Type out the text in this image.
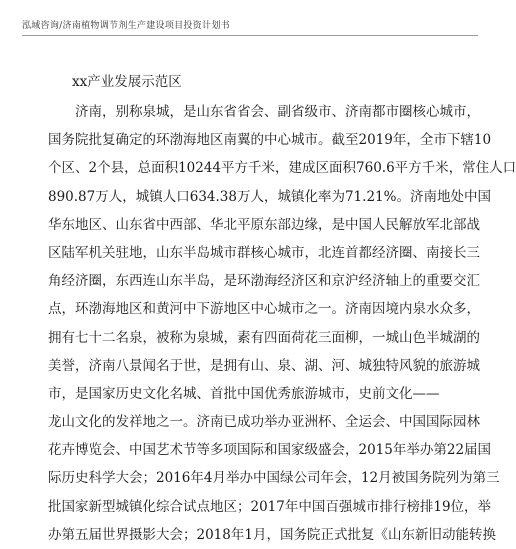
泓域咨询/济南植物调节剂生产建设项目投资计划书
xx产业发展示范区
　　济南，别称泉城，是山东省省会、副省级市、济南都市圈核心城市，
国务院批复确定的环渤海地区南翼的中心城市。截至2019年，全市下辖10
个区、2个县，总面积10244平方千米，建成区面积760.6平方千米，常住人口
890.87万人，城镇人口634.38万人，城镇化率为71.21%。济南地处中国
华东地区、山东省中西部、华北平原东部边缘，是中国人民解放军北部战
区陆军机关驻地，山东半岛城市群核心城市，北连首都经济圈、南接长三
角经济圈，东西连山东半岛，是环渤海经济区和京沪经济轴上的重要交汇
点，环渤海地区和黄河中下游地区中心城市之一。济南因境内泉水众多，
拥有七十二名泉，被称为泉城，素有四面荷花三面柳，一城山色半城湖的
美誉，济南八景闻名于世，是拥有山、泉、湖、河、城独特风貌的旅游城
市，是国家历史文化名城、首批中国优秀旅游城市，史前文化——
龙山文化的发祥地之一。济南已成功举办亚洲杯、全运会、中国国际园林
花卉博览会、中国艺术节等多项国际和国家级盛会，2015年举办第22届国
际历史科学大会；2016年4月举办中国绿公司年会，12月被国务院列为第三
批国家新型城镇化综合试点地区；2017年中国百强城市排行榜排19位，举
办第五届世界摄影大会；2018年1月，国务院正式批复《山东新旧动能转换
